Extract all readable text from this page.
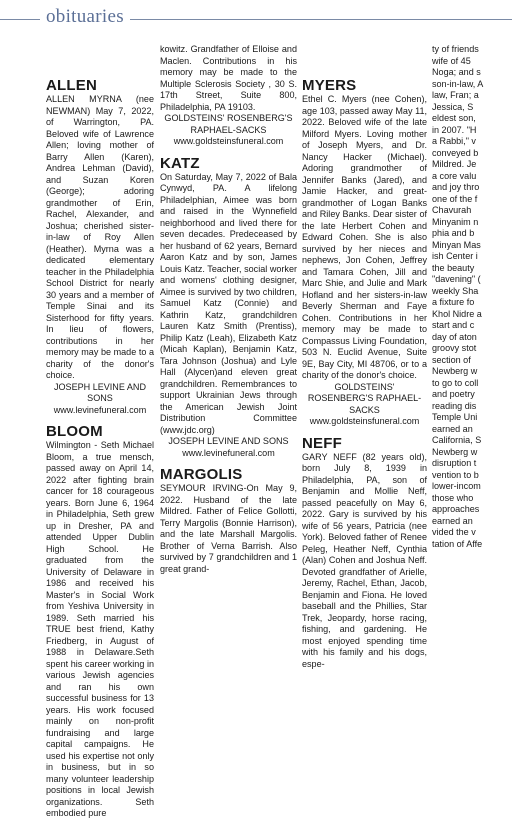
obituaries

ALLEN

ALLEN MYRNA (nee NEWMAN) May 7, 2022, of Warrington, PA. Beloved wife of Lawrence Allen; loving mother of Barry Allen (Karen), Andrea Lehman (David), and Suzan Koren (George); adoring grandmother of Erin, Rachel, Alexander, and Joshua; cherished sister-in-law of Roy Allen (Heather). Myrna was a dedicated elementary teacher in the Philadelphia School District for nearly 30 years and a member of Temple Sinai and its Sisterhood for fifty years. In lieu of flowers, contributions in her memory may be made to a charity of the donor's choice.

JOSEPH LEVINE AND SONS

www.levinefuneral.com

BLOOM

Wilmington - Seth Michael Bloom, a true mensch, passed away on April 14, 2022 after fighting brain cancer for 18 courageous years. Born June 6, 1964 in Philadelphia, Seth grew up in Dresher, PA and attended Upper Dublin High School. He graduated from the University of Delaware in 1986 and received his Master's in Social Work from Yeshiva University in 1989. Seth married his TRUE best friend, Kathy Friedberg, in August of 1988 in Delaware.Seth spent his career working in various Jewish agencies and ran his own successful business for 13 years. His work focused mainly on non-profit fundraising and large capital campaigns. He used his expertise not only in business, but in so many volunteer leadership positions in local Jewish organizations. Seth embodied pure

kowitz. Grandfather of Elloise and Maclen. Contributions in his memory may be made to the Multiple Sclerosis Society , 30 S. 17th Street, Suite 800, Philadelphia, PA 19103.

GOLDSTEINS' ROSENBERG'S RAPHAEL-SACKS

www.goldsteinsfuneral.com

KATZ

On Saturday, May 7, 2022 of Bala Cynwyd, PA. A lifelong Philadelphian, Aimee was born and raised in the Wynnefield neighborhood and lived there for seven decades. Predeceased by her husband of 62 years, Bernard Aaron Katz and by son, James Louis Katz. Teacher, social worker and womens' clothing designer, Aimee is survived by two children, Samuel Katz (Connie) and Kathrin Katz, grandchildren Lauren Katz Smith (Prentiss), Philip Katz (Leah), Elizabeth Katz (Micah Kaplan), Benjamin Katz, Tara Johnson (Joshua) and Lyle Hall (Alycen)and eleven great grandchildren. Remembrances to support Ukrainian Jews through the American Jewish Joint Distribution Committee (www.jdc.org)

JOSEPH LEVINE AND SONS

www.levinefuneral.com

MARGOLIS

SEYMOUR IRVING-On May 9, 2022. Husband of the late Mildred. Father of Felice Gollotti, Terry Margolis (Bonnie Harrison), and the late Marshall Margolis. Brother of Verna Barrish. Also survived by 7 grandchildren and 1 great grand-

MYERS

Ethel C. Myers (nee Cohen), age 103, passed away May 11, 2022. Beloved wife of the late Milford Myers. Loving mother of Joseph Myers, and Dr. Nancy Hacker (Michael). Adoring grandmother of Jennifer Banks (Jared), and Jamie Hacker, and great-grandmother of Logan Banks and Riley Banks. Dear sister of the late Herbert Cohen and Edward Cohen. She is also survived by her nieces and nephews, Jon Cohen, Jeffrey and Tamara Cohen, Jill and Marc Shie, and Julie and Mark Hofland and her sisters-in-law Beverly Sherman and Faye Cohen. Contributions in her memory may be made to Compassus Living Foundation, 503 N. Euclid Avenue, Suite 9E, Bay City, MI 48706, or to a charity of the donor's choice.

GOLDSTEINS' ROSENBERG'S RAPHAEL-SACKS

www.goldsteinsfuneral.com

NEFF

GARY NEFF (82 years old), born July 8, 1939 in Philadelphia, PA, son of Benjamin and Mollie Neff, passed peacefully on May 6, 2022. Gary is survived by his wife of 56 years, Patricia (nee York). Beloved father of Renee Peleg, Heather Neff, Cynthia (Alan) Cohen and Joshua Neff. Devoted grandfather of Arielle, Jeremy, Rachel, Ethan, Jacob, Benjamin and Fiona. He loved baseball and the Phillies, Star Trek, Jeopardy, horse racing, fishing, and gardening. He most enjoyed spending time with his family and his dogs, espe-

ty of friends
wife of 45
Noga; and s
son-in-law, A
law, Fran; a
Jessica, S
eldest son,
in 2007. "H
a Rabbi," v
conveyed b
Mildred. Je
a core valu
and joy thro
one of the f
Chavurah
Minyanim n
phia and b
Minyan Mas
ish Center i
the beauty
"davening" (
weekly Sha
a fixture fo
Khol Nidre a
start and c
day of aton
groovy stot
section of
Newberg w
to go to coll
and poetry
reading dis
Temple Uni
earned an
California, S
Newberg w
disruption t
vention to b
lower-incom
those who
approaches
earned an
vided the v
tation of Affe
